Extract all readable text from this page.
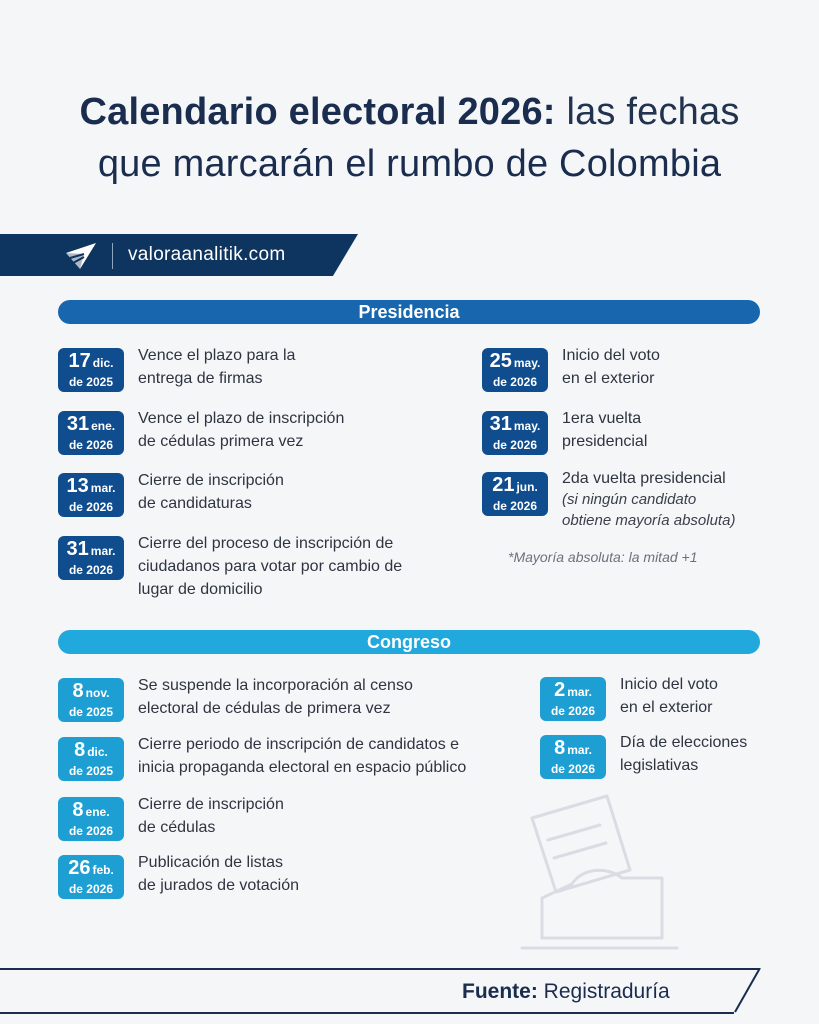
Calendario electoral 2026: las fechas
que marcarán el rumbo de Colombia
valoraanalitik.com
Presidencia
17 dic.
de 2025
Vence el plazo para la
entrega de firmas
31 ene.
de 2026
Vence el plazo de inscripción
de cédulas primera vez
13 mar.
de 2026
Cierre de inscripción
de candidaturas
31 mar.
de 2026
Cierre del proceso de inscripción de
ciudadanos para votar por cambio de
lugar de domicilio
25 may.
de 2026
Inicio del voto
en el exterior
31 may.
de 2026
1era vuelta
presidencial
21 jun.
de 2026
2da vuelta presidencial
(si ningún candidato
obtiene mayoría absoluta)
*Mayoría absoluta: la mitad +1
Congreso
8 nov.
de 2025
Se suspende la incorporación al censo
electoral de cédulas de primera vez
8 dic.
de 2025
Cierre periodo de inscripción de candidatos e
inicia propaganda electoral en espacio público
8 ene.
de 2026
Cierre de inscripción
de cédulas
26 feb.
de 2026
Publicación de listas
de jurados de votación
2 mar.
de 2026
Inicio del voto
en el exterior
8 mar.
de 2026
Día de elecciones
legislativas
Fuente: Registraduría
